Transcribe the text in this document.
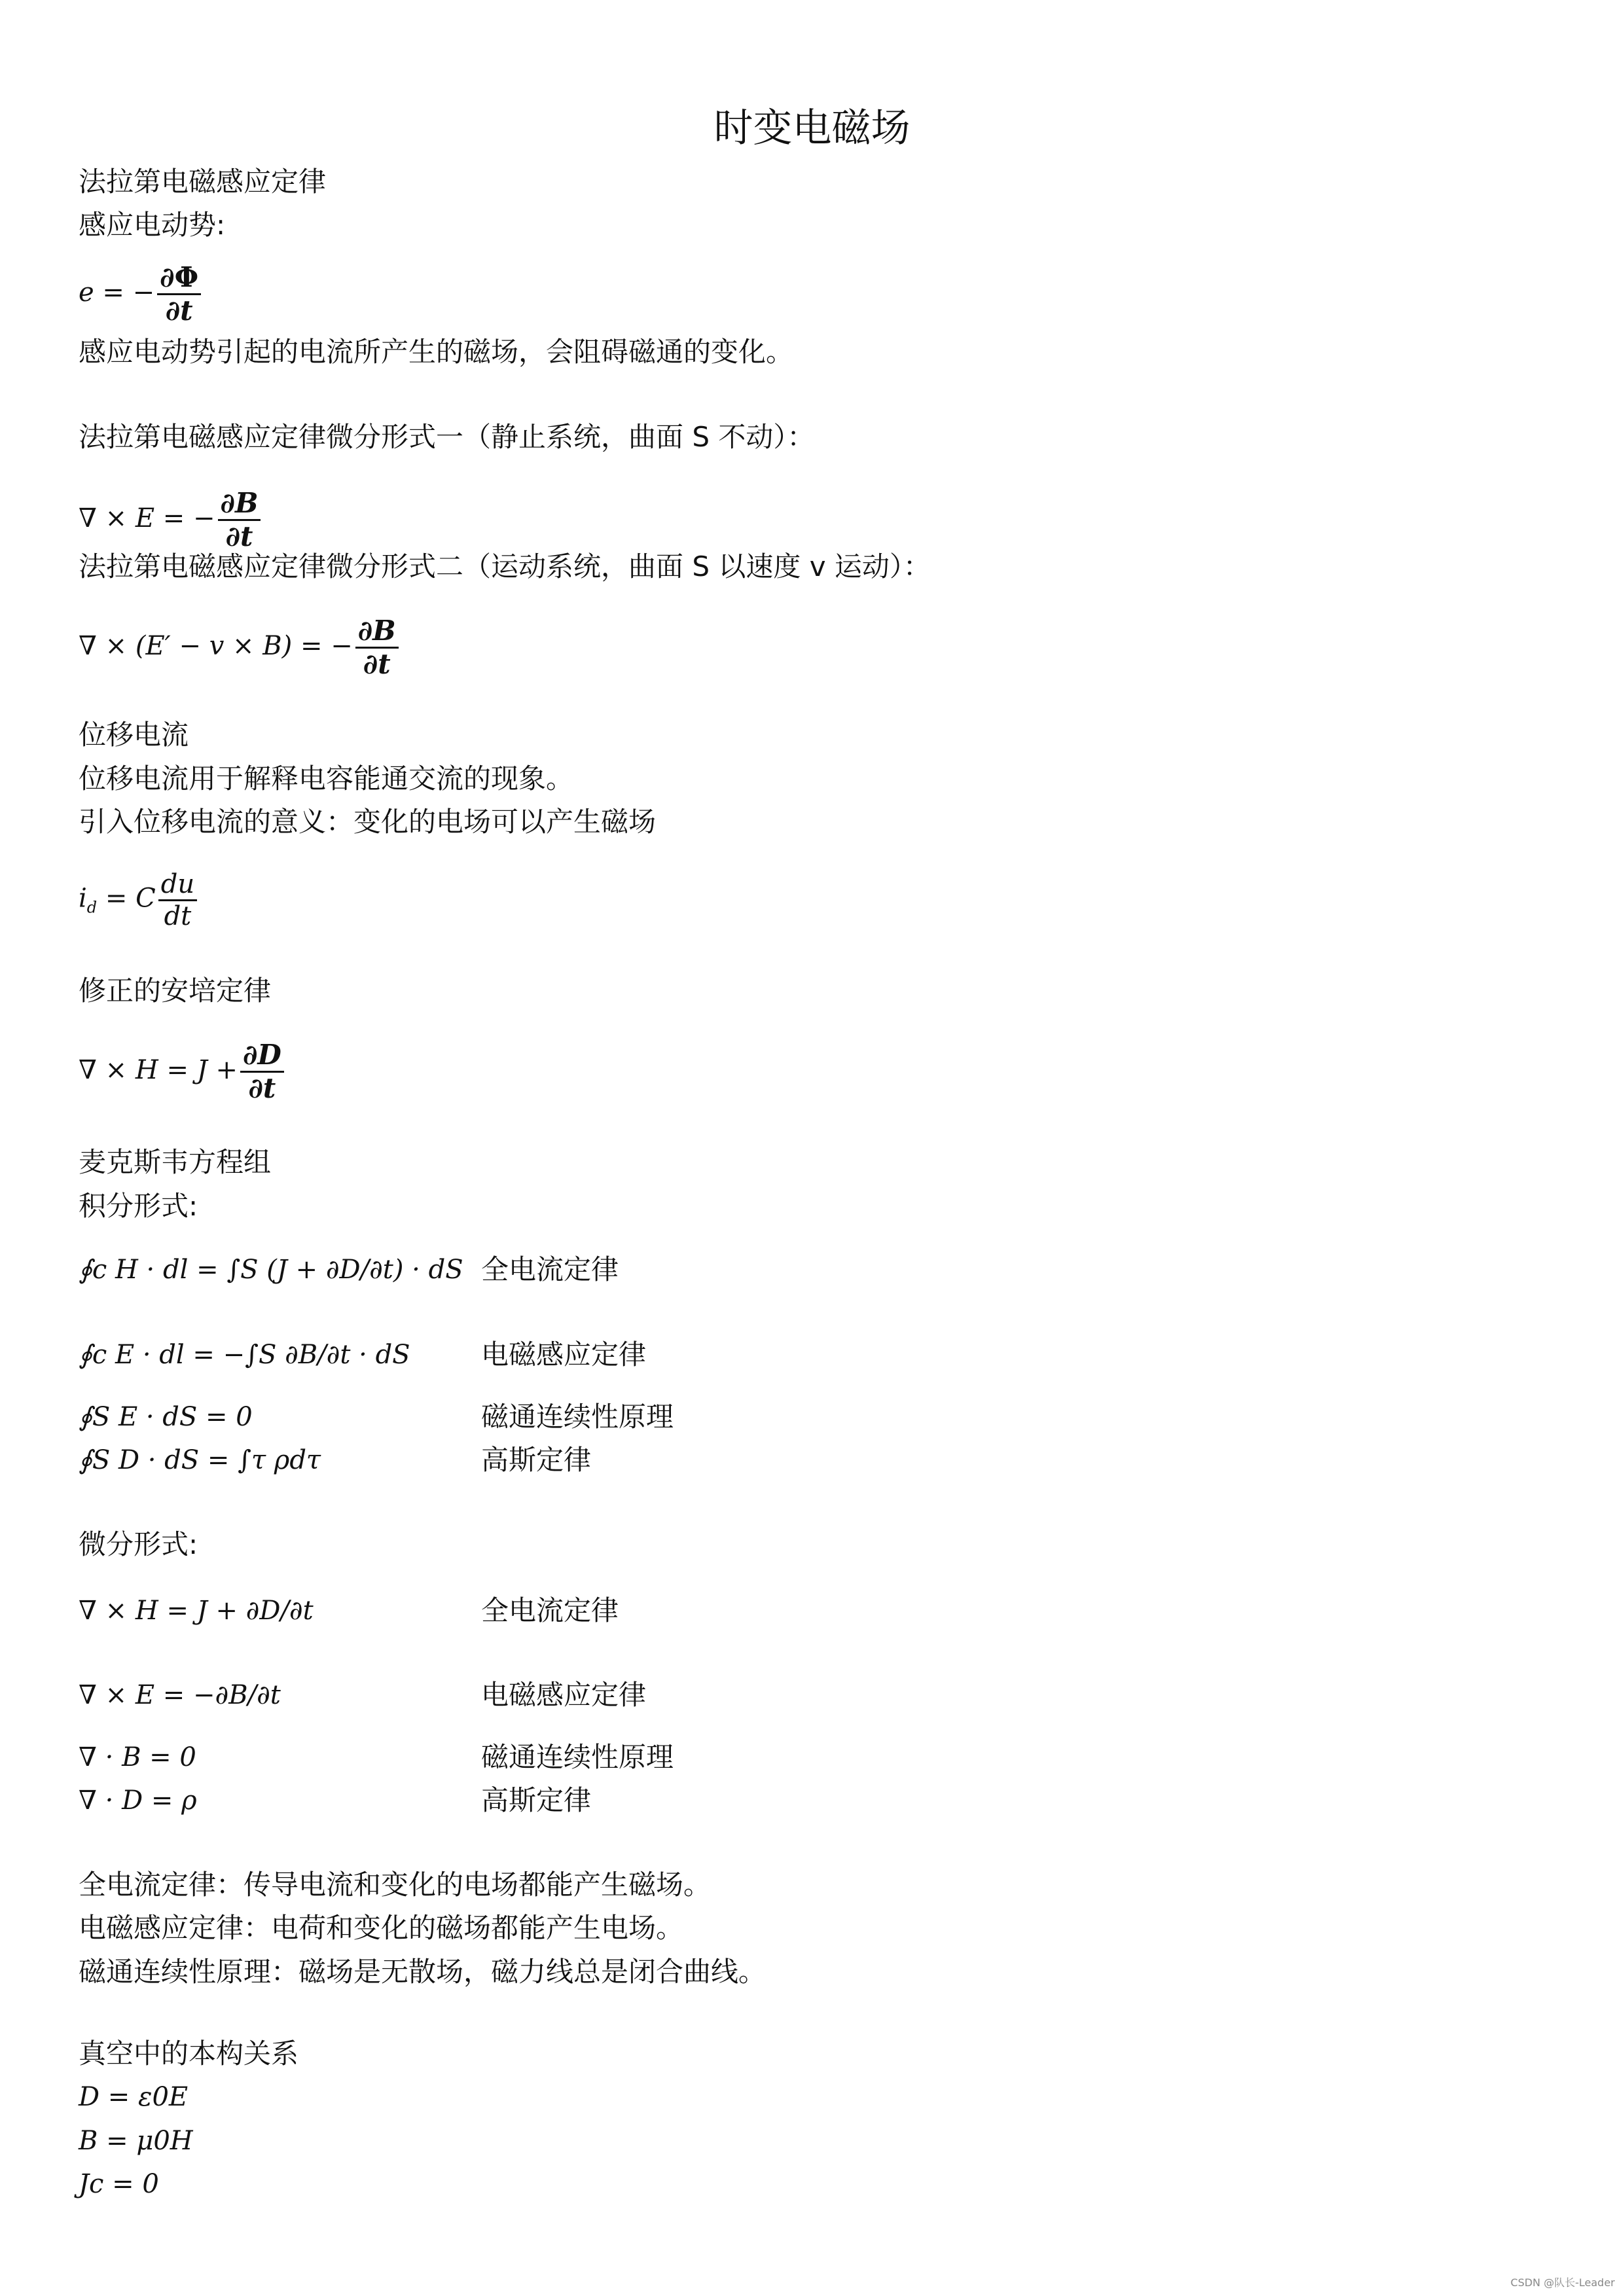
时变电磁场
法拉第电磁感应定律
感应电动势:
e = − $\frac{\partial\Phi}{\partial t}$
感应电动势引起的电流所产生的磁场，会阻碍磁通的变化。
法拉第电磁感应定律微分形式一（静止系统，曲面 S 不动）：
∇ × E = − $\frac{\partial B}{\partial t}$
法拉第电磁感应定律微分形式二（运动系统，曲面 S 以速度 v 运动）：
∇ × (E′ − v × B) = − $\frac{\partial B}{\partial t}$
位移电流
位移电流用于解释电容能通交流的现象。
引入位移电流的意义：变化的电场可以产生磁场
$i_d = C \frac{du}{dt}$
修正的安培定律
∇ × $H = J + \frac{\partial D}{\partial t}$
麦克斯韦方程组
积分形式:
∮c H · dl = ∫S (J + ∂D/∂t) · dS 全电流定律
∮c E · dl = −∫S ∂B/∂t · dS	电磁感应定律
∮S E · dS = 0	磁通连续性原理
∮S D · dS = ∫τ ρdτ	高斯定律
微分形式:
∇ × H = J + ∂D/∂t	全电流定律
∇ × E = −∂B/∂t	电磁感应定律
∇ · B = 0	磁通连续性原理
∇ · D = ρ	高斯定律
全电流定律：传导电流和变化的电场都能产生磁场。
电磁感应定律：电荷和变化的磁场都能产生电场。
磁通连续性原理：磁场是无散场，磁力线总是闭合曲线。
真空中的本构关系
D = ε0E
B = μ0H
Jc = 0
CSDN @队长-Leader
